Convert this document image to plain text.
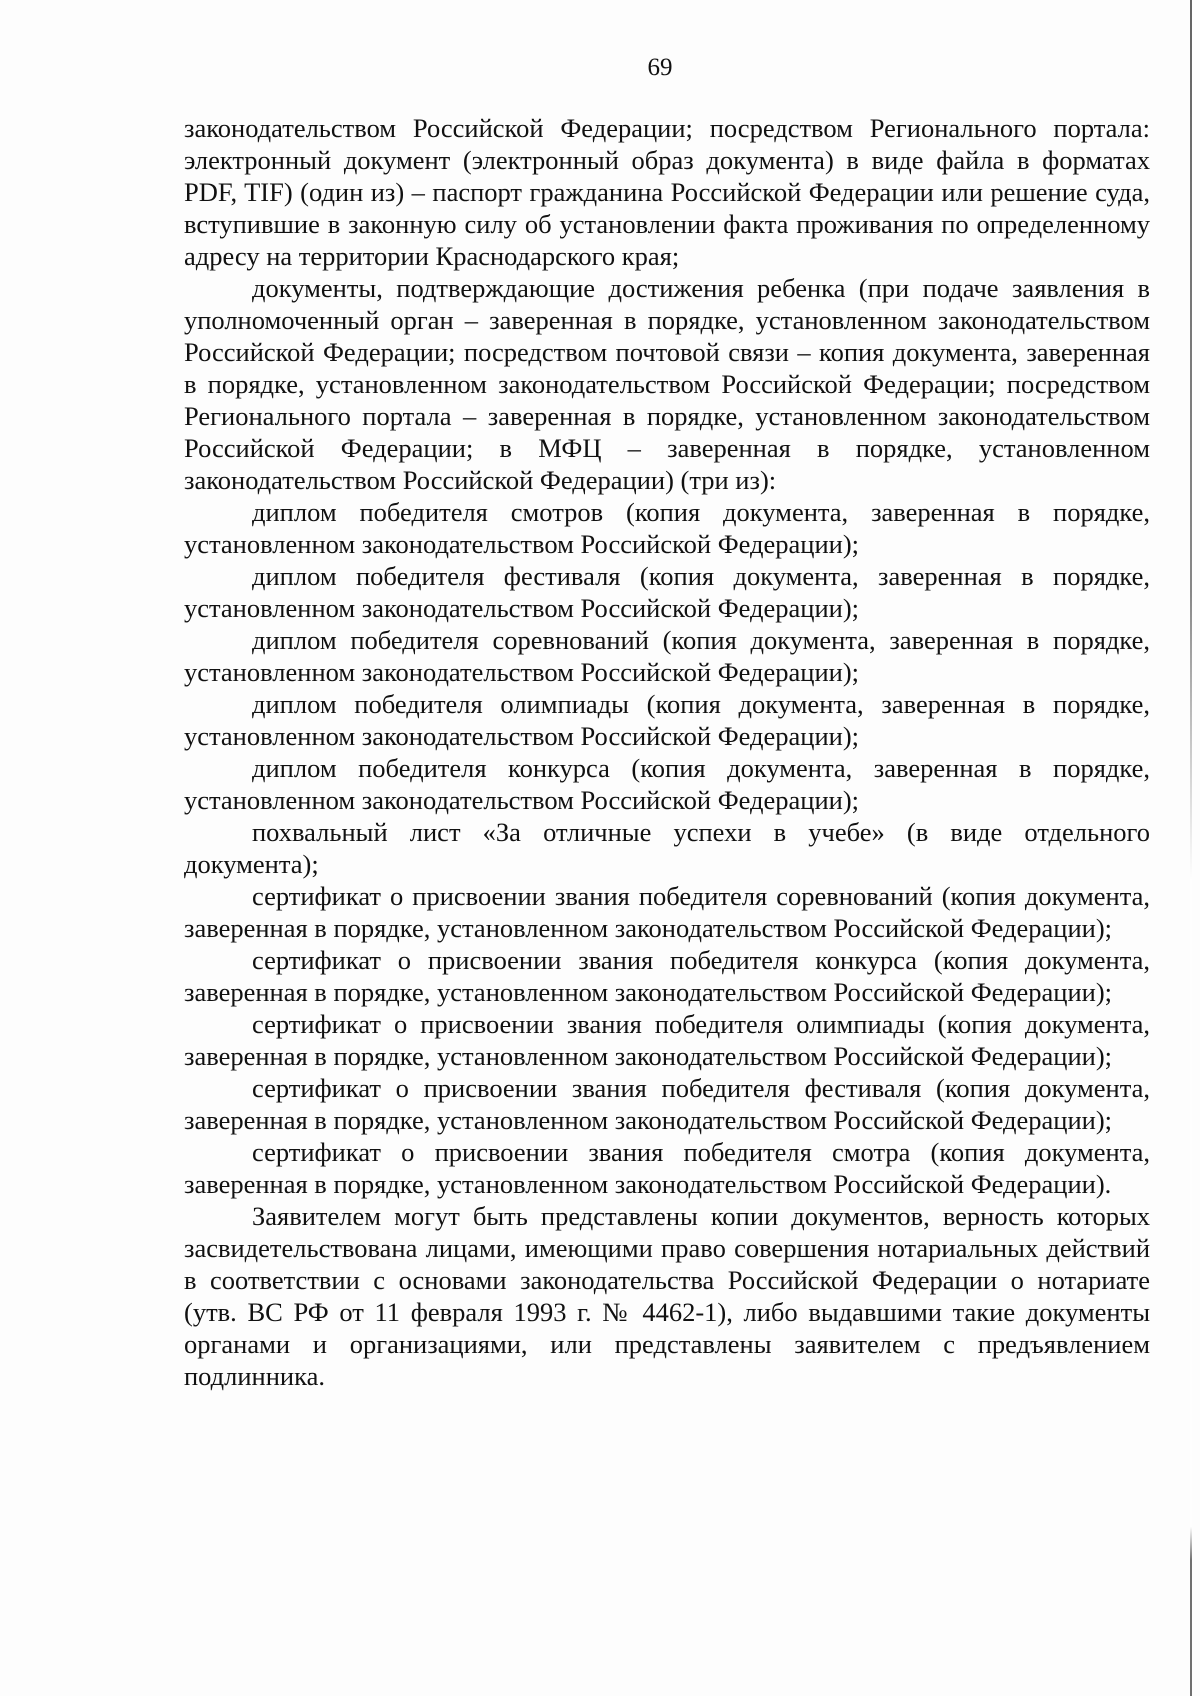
69

законодательством Российской Федерации; посредством Регионального портала: электронный документ (электронный образ документа) в виде файла в форматах PDF, TIF) (один из) – паспорт гражданина Российской Федерации или решение суда, вступившие в законную силу об установлении факта проживания по определенному адресу на территории Краснодарского края;

документы, подтверждающие достижения ребенка (при подаче заявления в уполномоченный орган – заверенная в порядке, установленном законодательством Российской Федерации; посредством почтовой связи – копия документа, заверенная в порядке, установленном законодательством Российской Федерации; посредством Регионального портала – заверенная в порядке, установленном законодательством Российской Федерации; в МФЦ – заверенная в порядке, установленном законодательством Российской Федерации) (три из):

диплом победителя смотров (копия документа, заверенная в порядке, установленном законодательством Российской Федерации);

диплом победителя фестиваля (копия документа, заверенная в порядке, установленном законодательством Российской Федерации);

диплом победителя соревнований (копия документа, заверенная в порядке, установленном законодательством Российской Федерации);

диплом победителя олимпиады (копия документа, заверенная в порядке, установленном законодательством Российской Федерации);

диплом победителя конкурса (копия документа, заверенная в порядке, установленном законодательством Российской Федерации);

похвальный лист «За отличные успехи в учебе» (в виде отдельного документа);

сертификат о присвоении звания победителя соревнований (копия документа, заверенная в порядке, установленном законодательством Российской Федерации);

сертификат о присвоении звания победителя конкурса (копия документа, заверенная в порядке, установленном законодательством Российской Федерации);

сертификат о присвоении звания победителя олимпиады (копия документа, заверенная в порядке, установленном законодательством Российской Федерации);

сертификат о присвоении звания победителя фестиваля (копия документа, заверенная в порядке, установленном законодательством Российской Федерации);

сертификат о присвоении звания победителя смотра (копия документа, заверенная в порядке, установленном законодательством Российской Федерации).

Заявителем могут быть представлены копии документов, верность которых засвидетельствована лицами, имеющими право совершения нотариальных действий в соответствии с основами законодательства Российской Федерации о нотариате (утв. ВС РФ от 11 февраля 1993 г. № 4462-1), либо выдавшими такие документы органами и организациями, или представлены заявителем с предъявлением подлинника.
